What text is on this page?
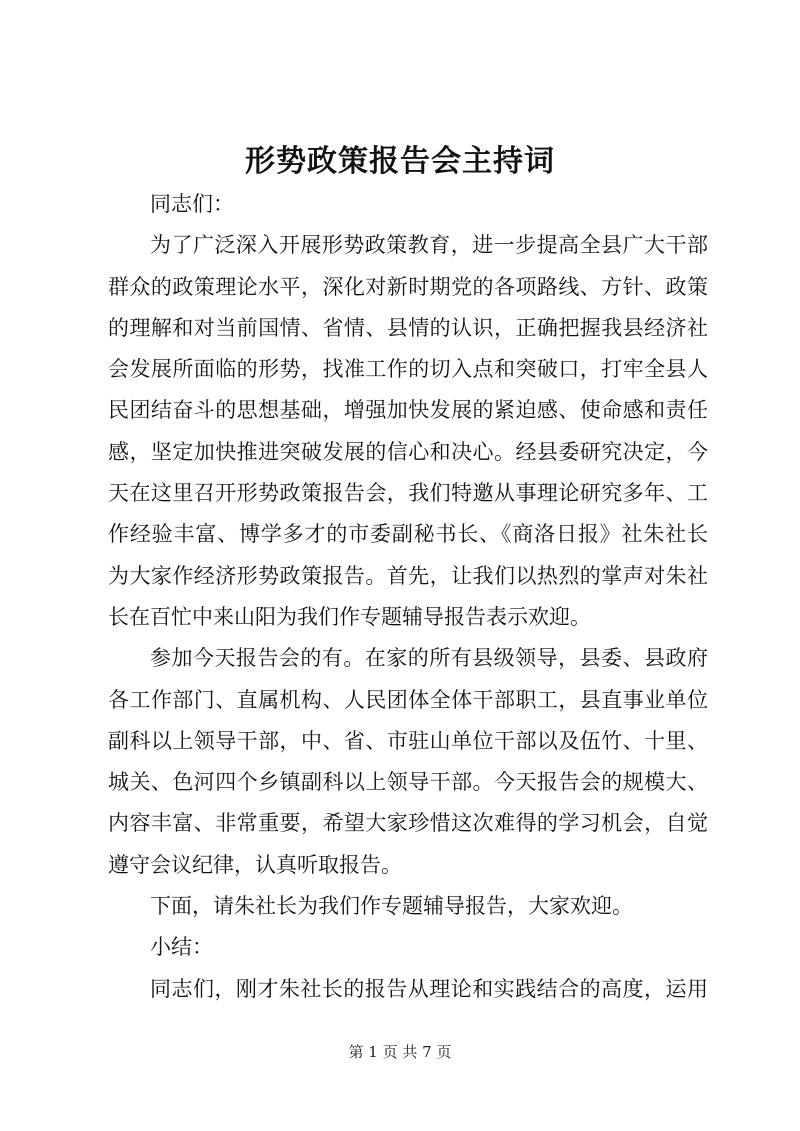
形势政策报告会主持词
同志们：
为了广泛深入开展形势政策教育，进一步提高全县广大干部
群众的政策理论水平，深化对新时期党的各项路线、方针、政策
的理解和对当前国情、省情、县情的认识，正确把握我县经济社
会发展所面临的形势，找准工作的切入点和突破口，打牢全县人
民团结奋斗的思想基础，增强加快发展的紧迫感、使命感和责任
感，坚定加快推进突破发展的信心和决心。经县委研究决定，今
天在这里召开形势政策报告会，我们特邀从事理论研究多年、工
作经验丰富、博学多才的市委副秘书长、《商洛日报》社朱社长
为大家作经济形势政策报告。首先，让我们以热烈的掌声对朱社
长在百忙中来山阳为我们作专题辅导报告表示欢迎。
参加今天报告会的有。在家的所有县级领导，县委、县政府
各工作部门、直属机构、人民团体全体干部职工，县直事业单位
副科以上领导干部，中、省、市驻山单位干部以及伍竹、十里、
城关、色河四个乡镇副科以上领导干部。今天报告会的规模大、
内容丰富、非常重要，希望大家珍惜这次难得的学习机会，自觉
遵守会议纪律，认真听取报告。
下面，请朱社长为我们作专题辅导报告，大家欢迎。
小结：
同志们，刚才朱社长的报告从理论和实践结合的高度，运用
第 1 页 共 7 页
